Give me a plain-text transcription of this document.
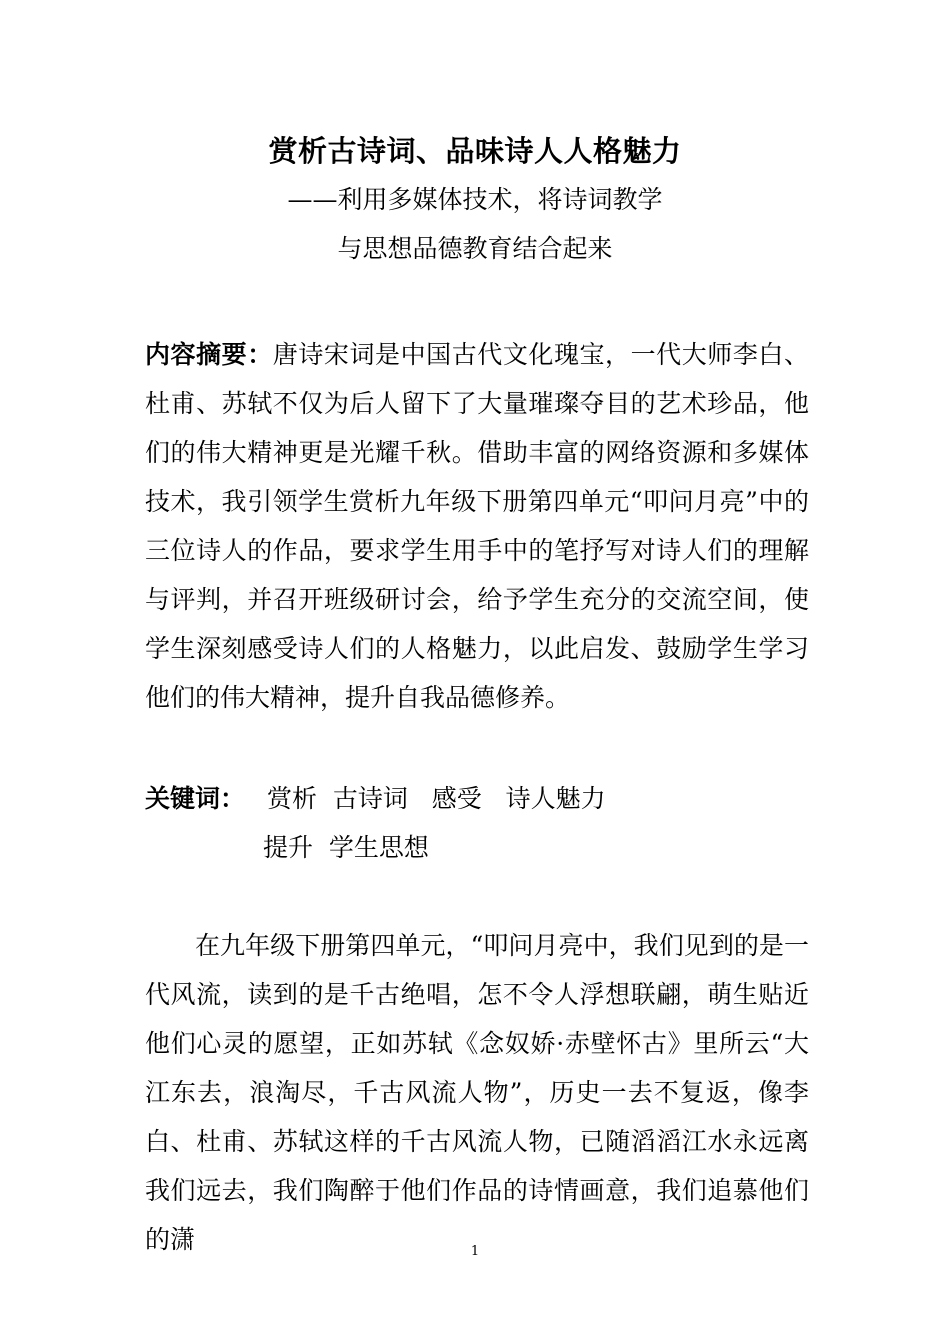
赏析古诗词、品味诗人人格魅力
——利用多媒体技术，将诗词教学
与思想品德教育结合起来
内容摘要：唐诗宋词是中国古代文化瑰宝，一代大师李白、杜甫、苏轼不仅为后人留下了大量璀璨夺目的艺术珍品，他们的伟大精神更是光耀千秋。借助丰富的网络资源和多媒体技术，我引领学生赏析九年级下册第四单元“叩问月亮”中的三位诗人的作品，要求学生用手中的笔抒写对诗人们的理解与评判，并召开班级研讨会，给予学生充分的交流空间，使学生深刻感受诗人们的人格魅力，以此启发、鼓励学生学习他们的伟大精神，提升自我品德修养。
关键词： 赏析  古诗词   感受   诗人魅力
提升  学生思想
在九年级下册第四单元，“叩问月亮中，我们见到的是一代风流，读到的是千古绝唱，怎不令人浮想联翩，萌生贴近他们心灵的愿望，正如苏轼《念奴娇·赤壁怀古》里所云“大江东去，浪淘尽，千古风流人物”，历史一去不复返，像李白、杜甫、苏轼这样的千古风流人物，已随滔滔江水永远离我们远去，我们陶醉于他们作品的诗情画意，我们追慕他们的潇	1
